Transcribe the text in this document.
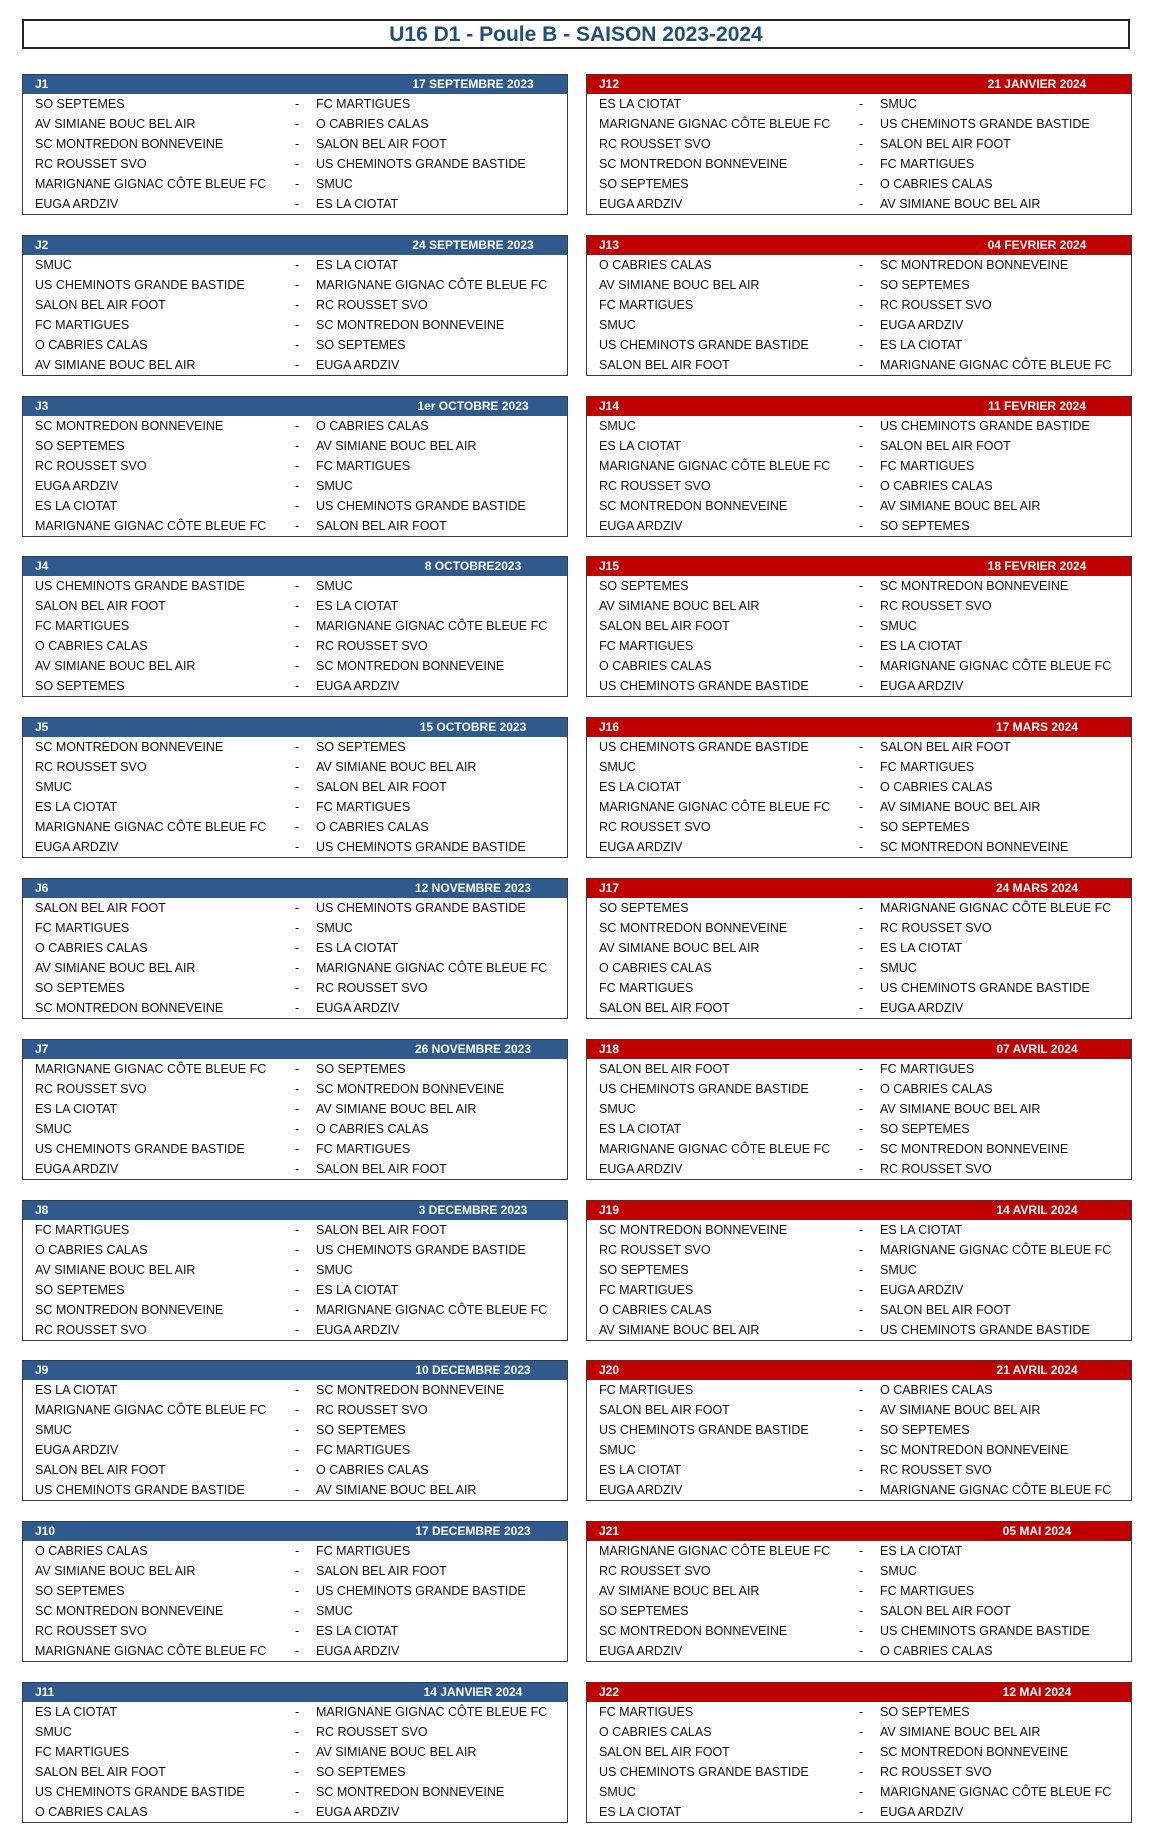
U16 D1 - Poule B - SAISON 2023-2024
J1	17 SEPTEMBRE 2023
SO SEPTEMES	- FC MARTIGUES
AV SIMIANE BOUC BEL AIR	- O CABRIES CALAS
SC MONTREDON BONNEVEINE	- SALON BEL AIR FOOT
RC ROUSSET SVO	- US CHEMINOTS GRANDE BASTIDE
MARIGNANE GIGNAC CÔTE BLEUE FC - SMUC
EUGA ARDZIV	- ES LA CIOTAT
J2	24 SEPTEMBRE 2023
SMUC	- ES LA CIOTAT
US CHEMINOTS GRANDE BASTIDE	- MARIGNANE GIGNAC CÔTE BLEUE FC
SALON BEL AIR FOOT	- RC ROUSSET SVO
FC MARTIGUES	- SC MONTREDON BONNEVEINE
O CABRIES CALAS	- SO SEPTEMES
AV SIMIANE BOUC BEL AIR	- EUGA ARDZIV
J3	1er OCTOBRE 2023
SC MONTREDON BONNEVEINE	- O CABRIES CALAS
SO SEPTEMES	- AV SIMIANE BOUC BEL AIR
RC ROUSSET SVO	- FC MARTIGUES
EUGA ARDZIV	- SMUC
ES LA CIOTAT	- US CHEMINOTS GRANDE BASTIDE
MARIGNANE GIGNAC CÔTE BLEUE FC - SALON BEL AIR FOOT
J4	8 OCTOBRE2023
US CHEMINOTS GRANDE BASTIDE	- SMUC
SALON BEL AIR FOOT	- ES LA CIOTAT
FC MARTIGUES	- MARIGNANE GIGNAC CÔTE BLEUE FC
O CABRIES CALAS	- RC ROUSSET SVO
AV SIMIANE BOUC BEL AIR	- SC MONTREDON BONNEVEINE
SO SEPTEMES	- EUGA ARDZIV
J5	15 OCTOBRE 2023
SC MONTREDON BONNEVEINE	- SO SEPTEMES
RC ROUSSET SVO	- AV SIMIANE BOUC BEL AIR
SMUC	- SALON BEL AIR FOOT
ES LA CIOTAT	- FC MARTIGUES
MARIGNANE GIGNAC CÔTE BLEUE FC - O CABRIES CALAS
EUGA ARDZIV	- US CHEMINOTS GRANDE BASTIDE
J6	12 NOVEMBRE 2023
SALON BEL AIR FOOT	- US CHEMINOTS GRANDE BASTIDE
FC MARTIGUES	- SMUC
O CABRIES CALAS	- ES LA CIOTAT
AV SIMIANE BOUC BEL AIR	- MARIGNANE GIGNAC CÔTE BLEUE FC
SO SEPTEMES	- RC ROUSSET SVO
SC MONTREDON BONNEVEINE	- EUGA ARDZIV
J7	26 NOVEMBRE 2023
MARIGNANE GIGNAC CÔTE BLEUE FC - SO SEPTEMES
RC ROUSSET SVO	- SC MONTREDON BONNEVEINE
ES LA CIOTAT	- AV SIMIANE BOUC BEL AIR
SMUC	- O CABRIES CALAS
US CHEMINOTS GRANDE BASTIDE	- FC MARTIGUES
EUGA ARDZIV	- SALON BEL AIR FOOT
J8	3 DECEMBRE 2023
FC MARTIGUES	- SALON BEL AIR FOOT
O CABRIES CALAS	- US CHEMINOTS GRANDE BASTIDE
AV SIMIANE BOUC BEL AIR	- SMUC
SO SEPTEMES	- ES LA CIOTAT
SC MONTREDON BONNEVEINE	- MARIGNANE GIGNAC CÔTE BLEUE FC
RC ROUSSET SVO	- EUGA ARDZIV
J9	10 DECEMBRE 2023
ES LA CIOTAT	- SC MONTREDON BONNEVEINE
MARIGNANE GIGNAC CÔTE BLEUE FC - RC ROUSSET SVO
SMUC	- SO SEPTEMES
EUGA ARDZIV	- FC MARTIGUES
SALON BEL AIR FOOT	- O CABRIES CALAS
US CHEMINOTS GRANDE BASTIDE	- AV SIMIANE BOUC BEL AIR
J10	17 DECEMBRE 2023
O CABRIES CALAS	- FC MARTIGUES
AV SIMIANE BOUC BEL AIR	- SALON BEL AIR FOOT
SO SEPTEMES	- US CHEMINOTS GRANDE BASTIDE
SC MONTREDON BONNEVEINE	- SMUC
RC ROUSSET SVO	- ES LA CIOTAT
MARIGNANE GIGNAC CÔTE BLEUE FC - EUGA ARDZIV
J11	14 JANVIER 2024
ES LA CIOTAT	- MARIGNANE GIGNAC CÔTE BLEUE FC
SMUC	- RC ROUSSET SVO
FC MARTIGUES	- AV SIMIANE BOUC BEL AIR
SALON BEL AIR FOOT	- SO SEPTEMES
US CHEMINOTS GRANDE BASTIDE	- SC MONTREDON BONNEVEINE
O CABRIES CALAS	- EUGA ARDZIV
J12	21 JANVIER 2024
ES LA CIOTAT	- SMUC
MARIGNANE GIGNAC CÔTE BLEUE FC - US CHEMINOTS GRANDE BASTIDE
RC ROUSSET SVO	- SALON BEL AIR FOOT
SC MONTREDON BONNEVEINE	- FC MARTIGUES
SO SEPTEMES	- O CABRIES CALAS
EUGA ARDZIV	- AV SIMIANE BOUC BEL AIR
J13	04 FEVRIER 2024
O CABRIES CALAS	- SC MONTREDON BONNEVEINE
AV SIMIANE BOUC BEL AIR	- SO SEPTEMES
FC MARTIGUES	- RC ROUSSET SVO
SMUC	- EUGA ARDZIV
US CHEMINOTS GRANDE BASTIDE	- ES LA CIOTAT
SALON BEL AIR FOOT	- MARIGNANE GIGNAC CÔTE BLEUE FC
J14	11 FEVRIER 2024
SMUC	- US CHEMINOTS GRANDE BASTIDE
ES LA CIOTAT	- SALON BEL AIR FOOT
MARIGNANE GIGNAC CÔTE BLEUE FC - FC MARTIGUES
RC ROUSSET SVO	- O CABRIES CALAS
SC MONTREDON BONNEVEINE	- AV SIMIANE BOUC BEL AIR
EUGA ARDZIV	- SO SEPTEMES
J15	18 FEVRIER 2024
SO SEPTEMES	- SC MONTREDON BONNEVEINE
AV SIMIANE BOUC BEL AIR	- RC ROUSSET SVO
SALON BEL AIR FOOT	- SMUC
FC MARTIGUES	- ES LA CIOTAT
O CABRIES CALAS	- MARIGNANE GIGNAC CÔTE BLEUE FC
US CHEMINOTS GRANDE BASTIDE	- EUGA ARDZIV
J16	17 MARS 2024
US CHEMINOTS GRANDE BASTIDE	- SALON BEL AIR FOOT
SMUC	- FC MARTIGUES
ES LA CIOTAT	- O CABRIES CALAS
MARIGNANE GIGNAC CÔTE BLEUE FC - AV SIMIANE BOUC BEL AIR
RC ROUSSET SVO	- SO SEPTEMES
EUGA ARDZIV	- SC MONTREDON BONNEVEINE
J17	24 MARS 2024
SO SEPTEMES	- MARIGNANE GIGNAC CÔTE BLEUE FC
SC MONTREDON BONNEVEINE	- RC ROUSSET SVO
AV SIMIANE BOUC BEL AIR	- ES LA CIOTAT
O CABRIES CALAS	- SMUC
FC MARTIGUES	- US CHEMINOTS GRANDE BASTIDE
SALON BEL AIR FOOT	- EUGA ARDZIV
J18	07 AVRIL 2024
SALON BEL AIR FOOT	- FC MARTIGUES
US CHEMINOTS GRANDE BASTIDE	- O CABRIES CALAS
SMUC	- AV SIMIANE BOUC BEL AIR
ES LA CIOTAT	- SO SEPTEMES
MARIGNANE GIGNAC CÔTE BLEUE FC - SC MONTREDON BONNEVEINE
EUGA ARDZIV	- RC ROUSSET SVO
J19	14 AVRIL 2024
SC MONTREDON BONNEVEINE	- ES LA CIOTAT
RC ROUSSET SVO	- MARIGNANE GIGNAC CÔTE BLEUE FC
SO SEPTEMES	- SMUC
FC MARTIGUES	- EUGA ARDZIV
O CABRIES CALAS	- SALON BEL AIR FOOT
AV SIMIANE BOUC BEL AIR	- US CHEMINOTS GRANDE BASTIDE
J20	21 AVRIL 2024
FC MARTIGUES	- O CABRIES CALAS
SALON BEL AIR FOOT	- AV SIMIANE BOUC BEL AIR
US CHEMINOTS GRANDE BASTIDE	- SO SEPTEMES
SMUC	- SC MONTREDON BONNEVEINE
ES LA CIOTAT	- RC ROUSSET SVO
EUGA ARDZIV	- MARIGNANE GIGNAC CÔTE BLEUE FC
J21	05 MAI 2024
MARIGNANE GIGNAC CÔTE BLEUE FC - ES LA CIOTAT
RC ROUSSET SVO	- SMUC
AV SIMIANE BOUC BEL AIR	- FC MARTIGUES
SO SEPTEMES	- SALON BEL AIR FOOT
SC MONTREDON BONNEVEINE	- US CHEMINOTS GRANDE BASTIDE
EUGA ARDZIV	- O CABRIES CALAS
J22	12 MAI 2024
FC MARTIGUES	- SO SEPTEMES
O CABRIES CALAS	- AV SIMIANE BOUC BEL AIR
SALON BEL AIR FOOT	- SC MONTREDON BONNEVEINE
US CHEMINOTS GRANDE BASTIDE	- RC ROUSSET SVO
SMUC	- MARIGNANE GIGNAC CÔTE BLEUE FC
ES LA CIOTAT	- EUGA ARDZIV
